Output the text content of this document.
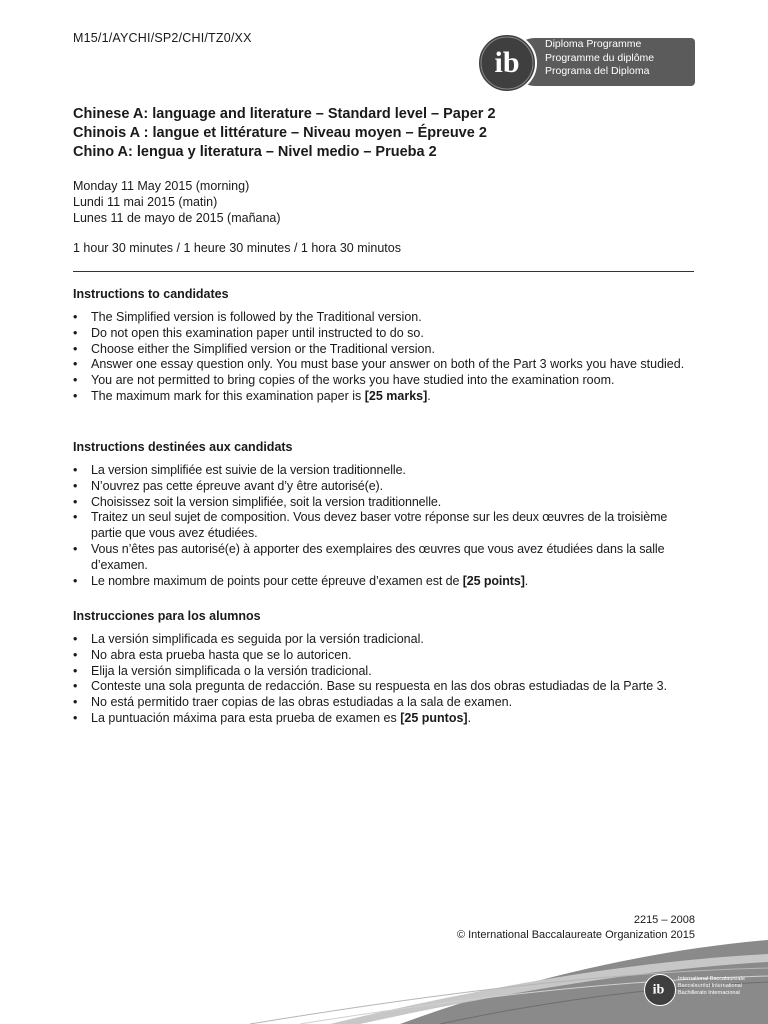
M15/1/AYCHI/SP2/CHI/TZ0/XX	Diploma Programme
Programme du diplôme
Programa del Diploma
ib
Chinese A: language and literature – Standard level – Paper 2
Chinois A : langue et littérature – Niveau moyen – Épreuve 2
Chino A: lengua y literatura – Nivel medio – Prueba 2
Monday 11 May 2015 (morning)
Lundi 11 mai 2015 (matin)
Lunes 11 de mayo de 2015 (mañana)
1 hour 30 minutes / 1 heure 30 minutes / 1 hora 30 minutos
Instructions to candidates
• The Simplified version is followed by the Traditional version.
• Do not open this examination paper until instructed to do so.
• Choose either the Simplified version or the Traditional version.
• Answer one essay question only. You must base your answer on both of the Part 3 works you have studied.
• You are not permitted to bring copies of the works you have studied into the examination room.
• The maximum mark for this examination paper is [25 marks].
Instructions destinées aux candidats
• La version simplifiée est suivie de la version traditionnelle.
• N’ouvrez pas cette épreuve avant d’y être autorisé(e).
• Choisissez soit la version simplifiée, soit la version traditionnelle.
• Traitez un seul sujet de composition. Vous devez baser votre réponse sur les deux œuvres de la troisième partie que vous avez étudiées.
• Vous n’êtes pas autorisé(e) à apporter des exemplaires des œuvres que vous avez étudiées dans la salle d’examen.
• Le nombre maximum de points pour cette épreuve d’examen est de [25 points].
Instrucciones para los alumnos
• La versión simplificada es seguida por la versión tradicional.
• No abra esta prueba hasta que se lo autoricen.
• Elija la versión simplificada o la versión tradicional.
• Conteste una sola pregunta de redacción. Base su respuesta en las dos obras estudiadas de la Parte 3.
• No está permitido traer copias de las obras estudiadas a la sala de examen.
• La puntuación máxima para esta prueba de examen es [25 puntos].
2215 – 2008
© International Baccalaureate Organization 2015
ib
International Baccalaureate
Baccalauréat International
Bachillerato Internacional
